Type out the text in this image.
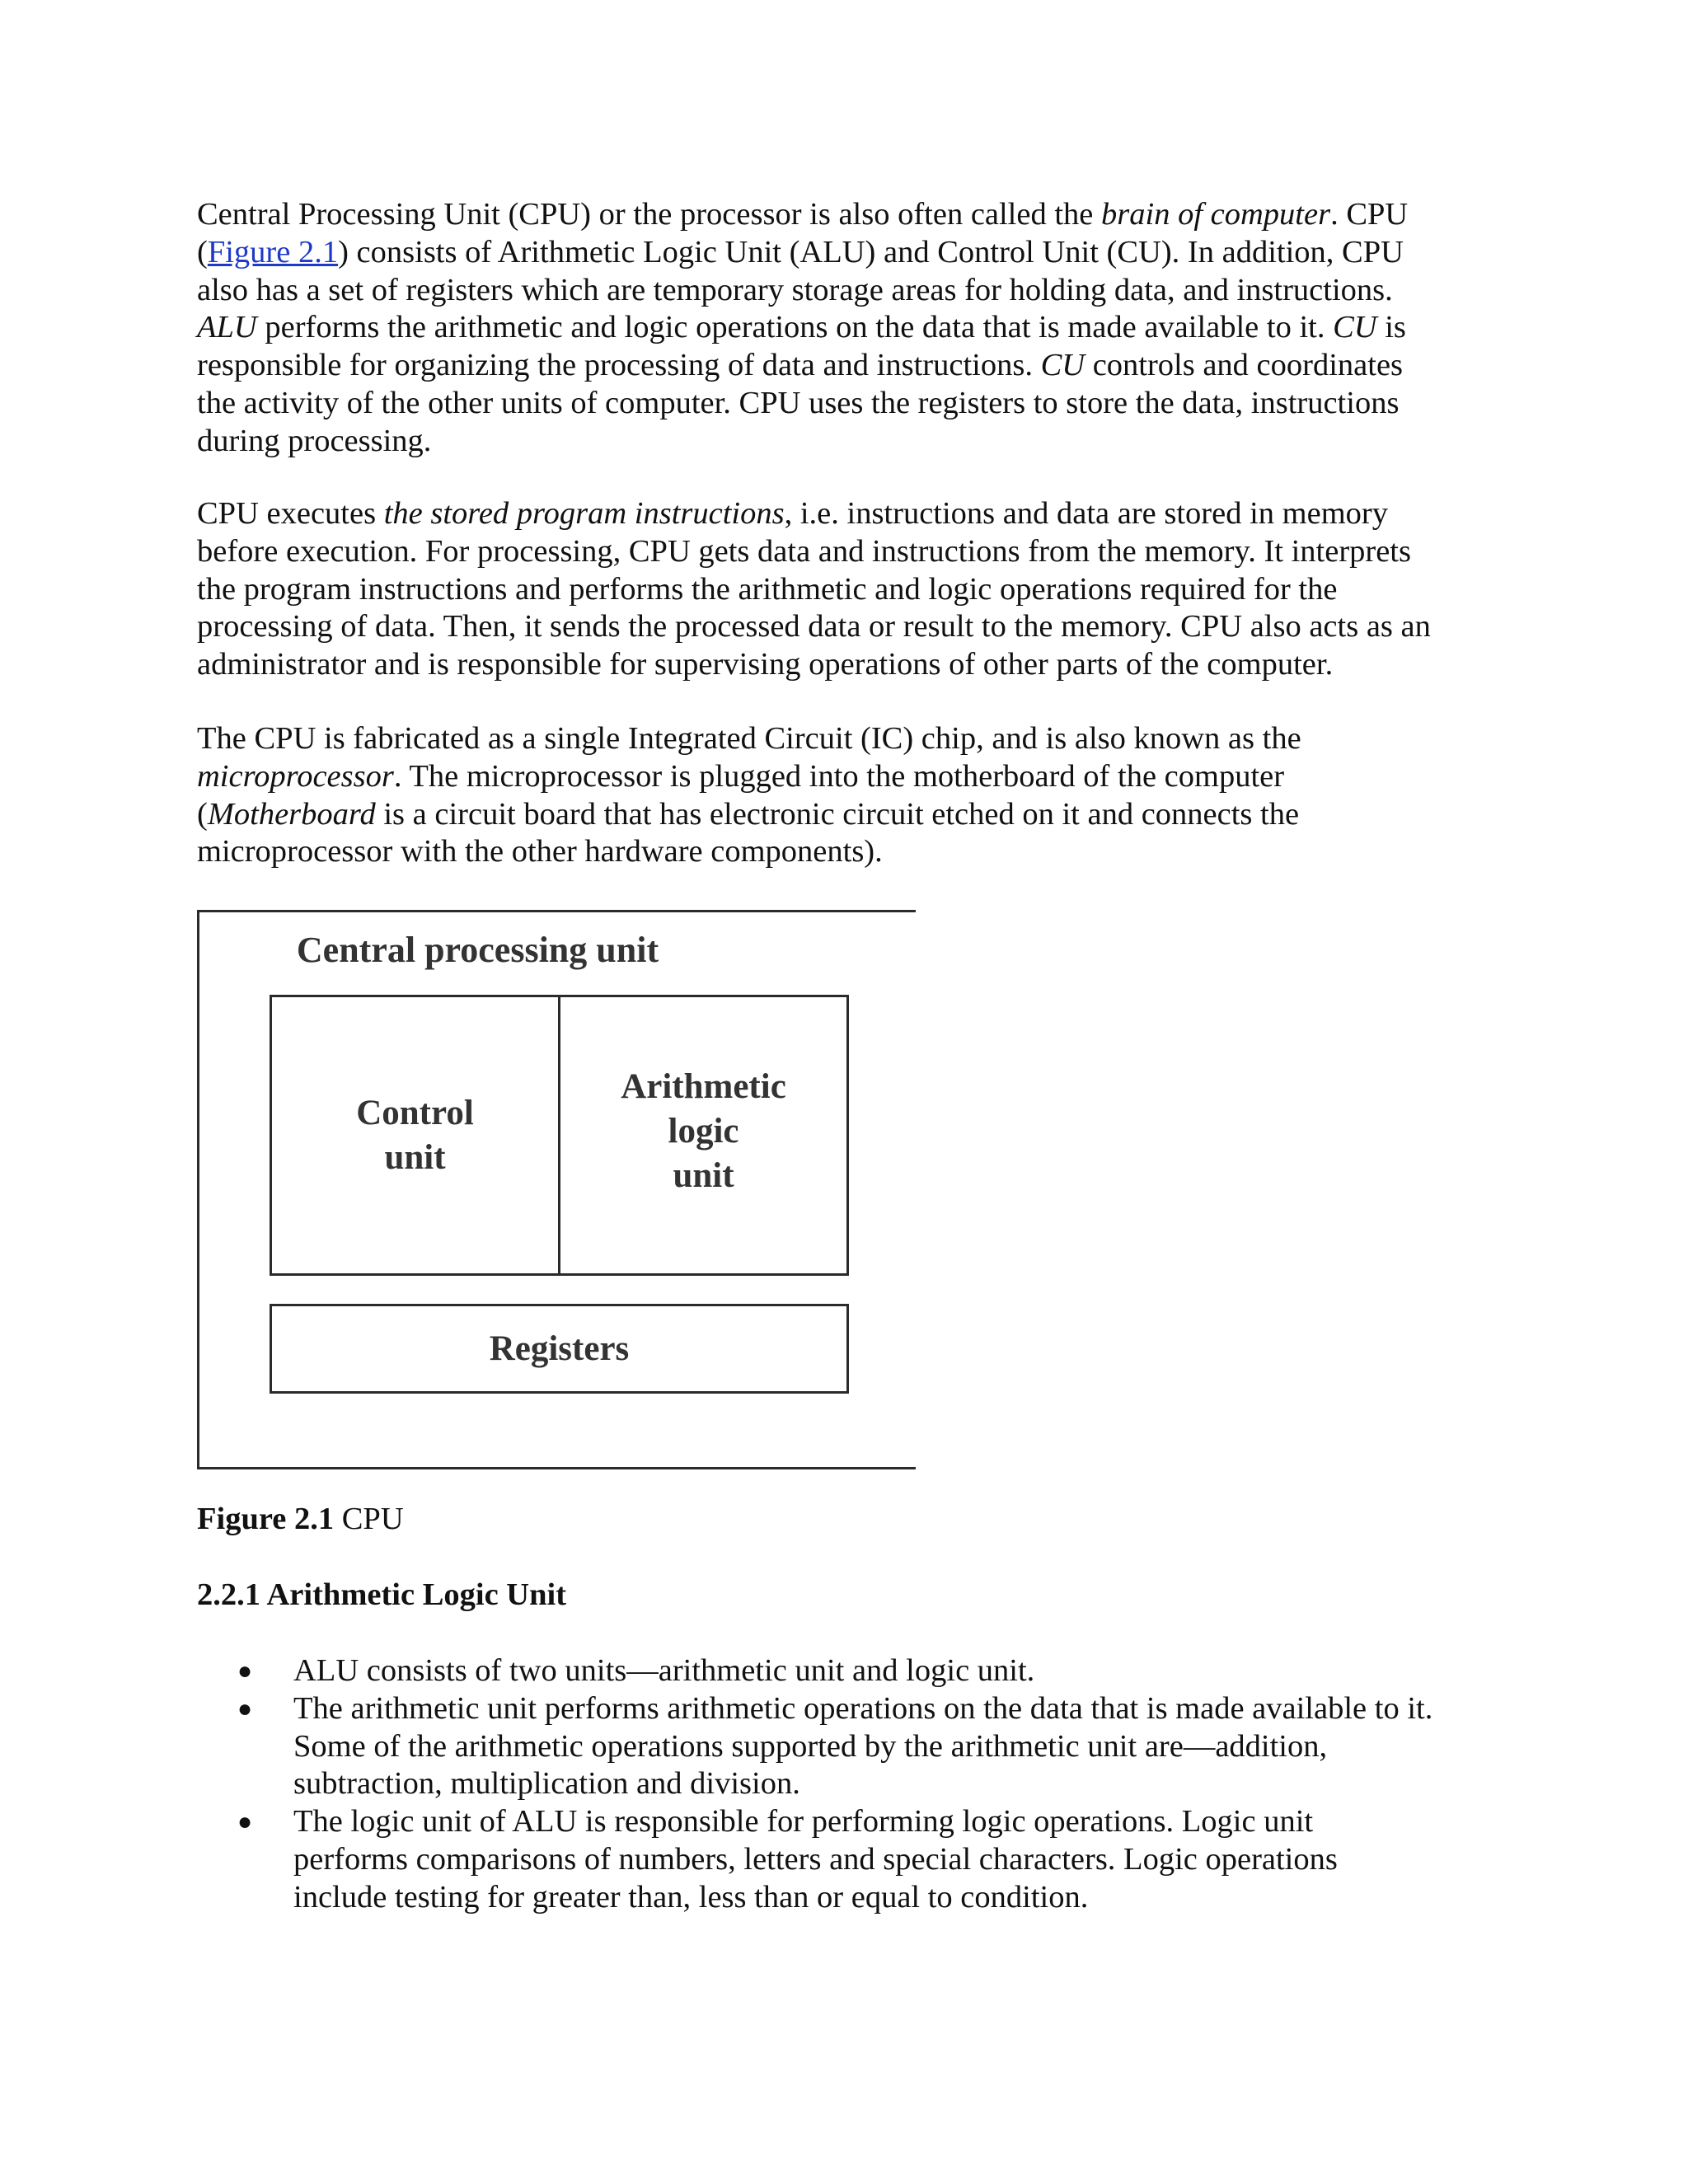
Central Processing Unit (CPU) or the processor is also often called the brain of computer. CPU
(Figure 2.1) consists of Arithmetic Logic Unit (ALU) and Control Unit (CU). In addition, CPU
also has a set of registers which are temporary storage areas for holding data, and instructions.
ALU performs the arithmetic and logic operations on the data that is made available to it. CU is
responsible for organizing the processing of data and instructions. CU controls and coordinates
the activity of the other units of computer. CPU uses the registers to store the data, instructions
during processing.
CPU executes the stored program instructions, i.e. instructions and data are stored in memory
before execution. For processing, CPU gets data and instructions from the memory. It interprets
the program instructions and performs the arithmetic and logic operations required for the
processing of data. Then, it sends the processed data or result to the memory. CPU also acts as an
administrator and is responsible for supervising operations of other parts of the computer.
The CPU is fabricated as a single Integrated Circuit (IC) chip, and is also known as the
microprocessor. The microprocessor is plugged into the motherboard of the computer
(Motherboard is a circuit board that has electronic circuit etched on it and connects the
microprocessor with the other hardware components).
Central processing unit
Control
unit
Arithmetic
logic
unit
Registers
Figure 2.1 CPU
2.2.1 Arithmetic Logic Unit
● ALU consists of two units—arithmetic unit and logic unit.
● The arithmetic unit performs arithmetic operations on the data that is made available to it.
Some of the arithmetic operations supported by the arithmetic unit are—addition,
subtraction, multiplication and division.
● The logic unit of ALU is responsible for performing logic operations. Logic unit
performs comparisons of numbers, letters and special characters. Logic operations
include testing for greater than, less than or equal to condition.
